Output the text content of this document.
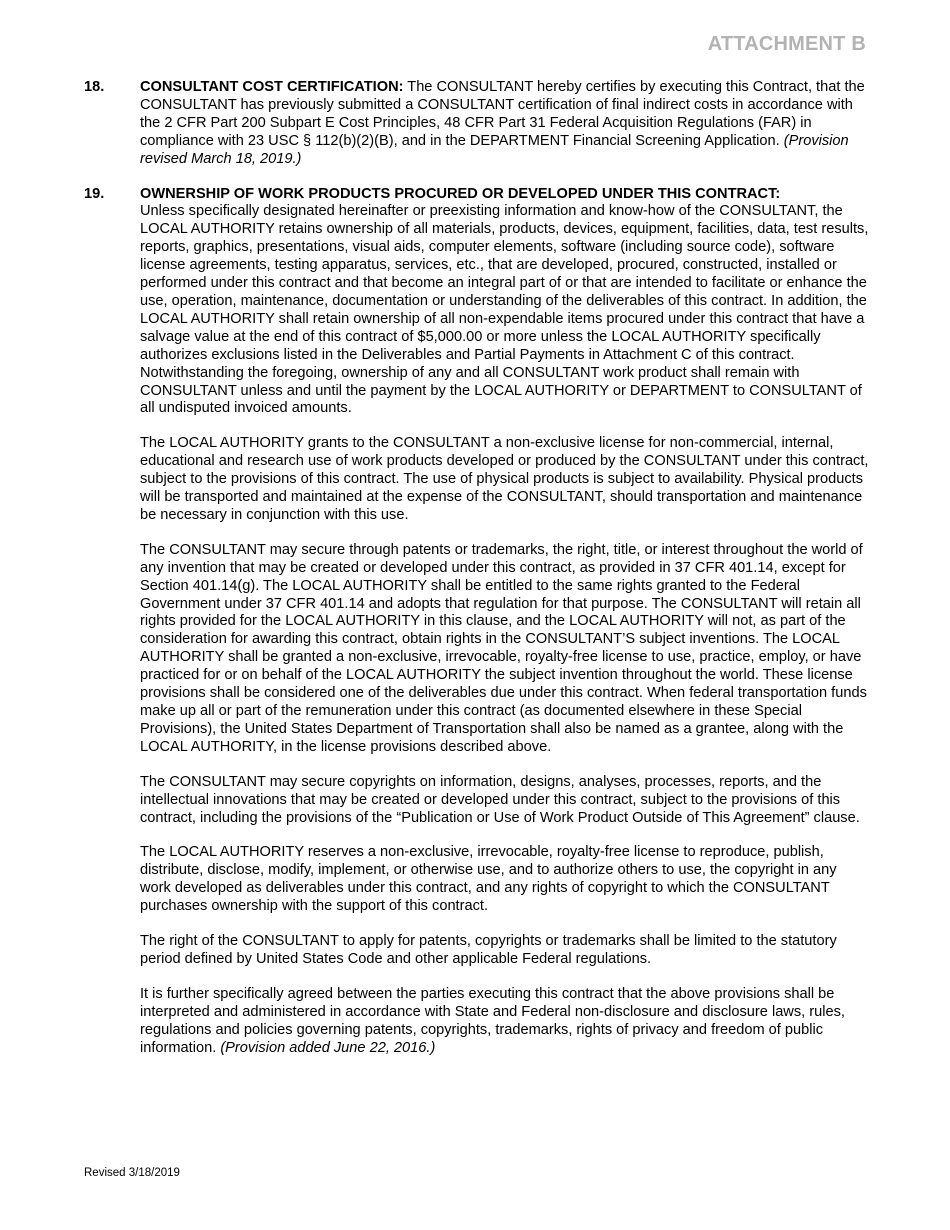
ATTACHMENT B

18. CONSULTANT COST CERTIFICATION: The CONSULTANT hereby certifies by executing this Contract, that the CONSULTANT has previously submitted a CONSULTANT certification of final indirect costs in accordance with the 2 CFR Part 200 Subpart E Cost Principles, 48 CFR Part 31 Federal Acquisition Regulations (FAR) in compliance with 23 USC § 112(b)(2)(B), and in the DEPARTMENT Financial Screening Application. (Provision revised March 18, 2019.)

19. OWNERSHIP OF WORK PRODUCTS PROCURED OR DEVELOPED UNDER THIS CONTRACT:
Unless specifically designated hereinafter or preexisting information and know-how of the CONSULTANT, the LOCAL AUTHORITY retains ownership of all materials, products, devices, equipment, facilities, data, test results, reports, graphics, presentations, visual aids, computer elements, software (including source code), software license agreements, testing apparatus, services, etc., that are developed, procured, constructed, installed or performed under this contract and that become an integral part of or that are intended to facilitate or enhance the use, operation, maintenance, documentation or understanding of the deliverables of this contract. In addition, the LOCAL AUTHORITY shall retain ownership of all non-expendable items procured under this contract that have a salvage value at the end of this contract of $5,000.00 or more unless the LOCAL AUTHORITY specifically authorizes exclusions listed in the Deliverables and Partial Payments in Attachment C of this contract. Notwithstanding the foregoing, ownership of any and all CONSULTANT work product shall remain with CONSULTANT unless and until the payment by the LOCAL AUTHORITY or DEPARTMENT to CONSULTANT of all undisputed invoiced amounts.

The LOCAL AUTHORITY grants to the CONSULTANT a non-exclusive license for non-commercial, internal, educational and research use of work products developed or produced by the CONSULTANT under this contract, subject to the provisions of this contract. The use of physical products is subject to availability. Physical products will be transported and maintained at the expense of the CONSULTANT, should transportation and maintenance be necessary in conjunction with this use.

The CONSULTANT may secure through patents or trademarks, the right, title, or interest throughout the world of any invention that may be created or developed under this contract, as provided in 37 CFR 401.14, except for Section 401.14(g). The LOCAL AUTHORITY shall be entitled to the same rights granted to the Federal Government under 37 CFR 401.14 and adopts that regulation for that purpose. The CONSULTANT will retain all rights provided for the LOCAL AUTHORITY in this clause, and the LOCAL AUTHORITY will not, as part of the consideration for awarding this contract, obtain rights in the CONSULTANT’S subject inventions. The LOCAL AUTHORITY shall be granted a non-exclusive, irrevocable, royalty-free license to use, practice, employ, or have practiced for or on behalf of the LOCAL AUTHORITY the subject invention throughout the world. These license provisions shall be considered one of the deliverables due under this contract. When federal transportation funds make up all or part of the remuneration under this contract (as documented elsewhere in these Special Provisions), the United States Department of Transportation shall also be named as a grantee, along with the LOCAL AUTHORITY, in the license provisions described above.

The CONSULTANT may secure copyrights on information, designs, analyses, processes, reports, and the intellectual innovations that may be created or developed under this contract, subject to the provisions of this contract, including the provisions of the “Publication or Use of Work Product Outside of This Agreement” clause.

The LOCAL AUTHORITY reserves a non-exclusive, irrevocable, royalty-free license to reproduce, publish, distribute, disclose, modify, implement, or otherwise use, and to authorize others to use, the copyright in any work developed as deliverables under this contract, and any rights of copyright to which the CONSULTANT purchases ownership with the support of this contract.

The right of the CONSULTANT to apply for patents, copyrights or trademarks shall be limited to the statutory period defined by United States Code and other applicable Federal regulations.

It is further specifically agreed between the parties executing this contract that the above provisions shall be interpreted and administered in accordance with State and Federal non-disclosure and disclosure laws, rules, regulations and policies governing patents, copyrights, trademarks, rights of privacy and freedom of public information. (Provision added June 22, 2016.)

Revised 3/18/2019
